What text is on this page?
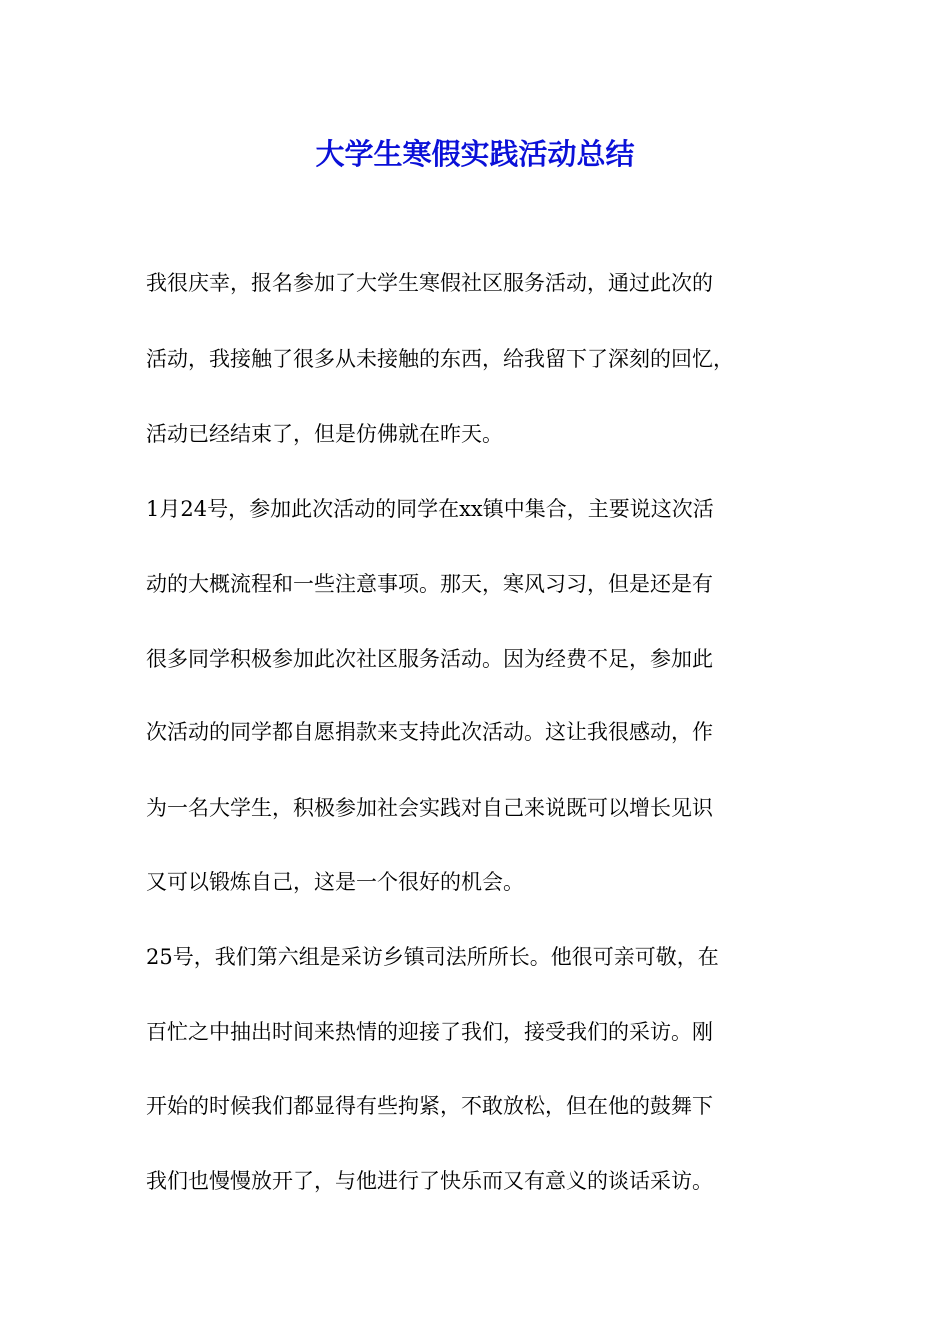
大学生寒假实践活动总结

我很庆幸，报名参加了大学生寒假社区服务活动，通过此次的

活动，我接触了很多从未接触的东西，给我留下了深刻的回忆，

活动已经结束了，但是仿佛就在昨天。

1月24号，参加此次活动的同学在xx镇中集合，主要说这次活

动的大概流程和一些注意事项。那天，寒风习习，但是还是有

很多同学积极参加此次社区服务活动。因为经费不足，参加此

次活动的同学都自愿捐款来支持此次活动。这让我很感动，作

为一名大学生，积极参加社会实践对自己来说既可以增长见识

又可以锻炼自己，这是一个很好的机会。

25号，我们第六组是采访乡镇司法所所长。他很可亲可敬，在

百忙之中抽出时间来热情的迎接了我们，接受我们的采访。刚

开始的时候我们都显得有些拘紧，不敢放松，但在他的鼓舞下

我们也慢慢放开了，与他进行了快乐而又有意义的谈话采访。
